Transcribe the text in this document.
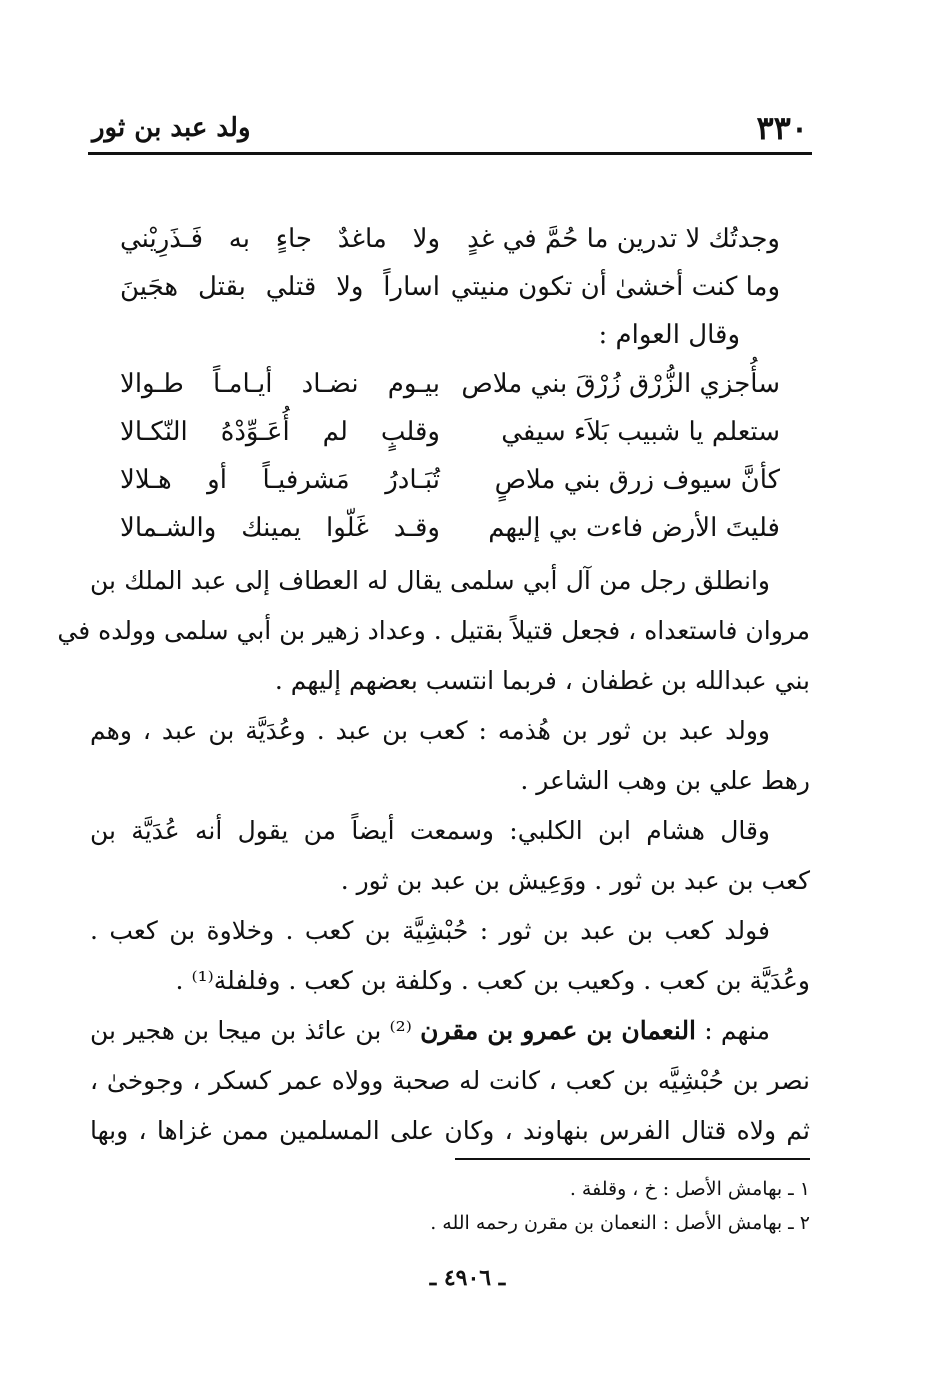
٣٣٠
ولد عبد بن ثور
وجدتُك لا تدرين ما حُمَّ في غدٍ
ولا ماغدٌ جاءٍ به فَـذَرِيْني
وما كنت أخشىٰ أن تكون منيتي
اساراً ولا قتلي بقتل هجَينَ
وقال العوام :
سأُجزي الزُّرْق زُرْقَ بني ملاص
بيـوم نضـاد أيـامـاً طـوالا
ستعلم يا شبيب بَلاَء سيفي
وقلبٍ لم أُعَـوِّدْهُ النّكـالا
كأنَّ سيوف زرق بني ملاصٍ
تُبَـادرُ مَشرفيـاً أو هـلالا
فليتَ الأرض فاءت بي إليهم
وقـد غَلّوا يمينك والشـمالا
وانطلق رجل من آل أبي سلمى يقال له العطاف إلى عبد الملك بن
مروان فاستعداه ، فجعل قتيلاً بقتيل . وعداد زهير بن أبي سلمى وولده في
بني عبدالله بن غطفان ، فربما انتسب بعضهم إليهم .
وولد عبد بن ثور بن هُذمه : كعب بن عبد . وعُدَيَّة بن عبد ، وهم
رهط علي بن وهب الشاعر .
وقال هشام ابن الكلبي: وسمعت أيضاً من يقول أنه عُدَيَّة بن
كعب بن عبد بن ثور . ووَعِيش بن عبد بن ثور .
فولد كعب بن عبد بن ثور : حُبْشِيَّة بن كعب . وخلاوة بن كعب .
وعُدَيَّة بن كعب . وكعيب بن كعب . وكلفة بن كعب . وفلفلة⁽¹⁾ .
منهم : النعمان بن عمرو بن مقرن ⁽²⁾ بن عائذ بن ميجا بن هجير بن
نصر بن حُبْشِيَّه بن كعب ، كانت له صحبة وولاه عمر كسكر ، وجوخىٰ ،
ثم ولاه قتال الفرس بنهاوند ، وكان على المسلمين ممن غزاها ، وبها
١ ـ بهامش الأصل : خ ، وقلفة .
٢ ـ بهامش الأصل : النعمان بن مقرن رحمه الله .
ـ ٤٩٠٦ ـ
